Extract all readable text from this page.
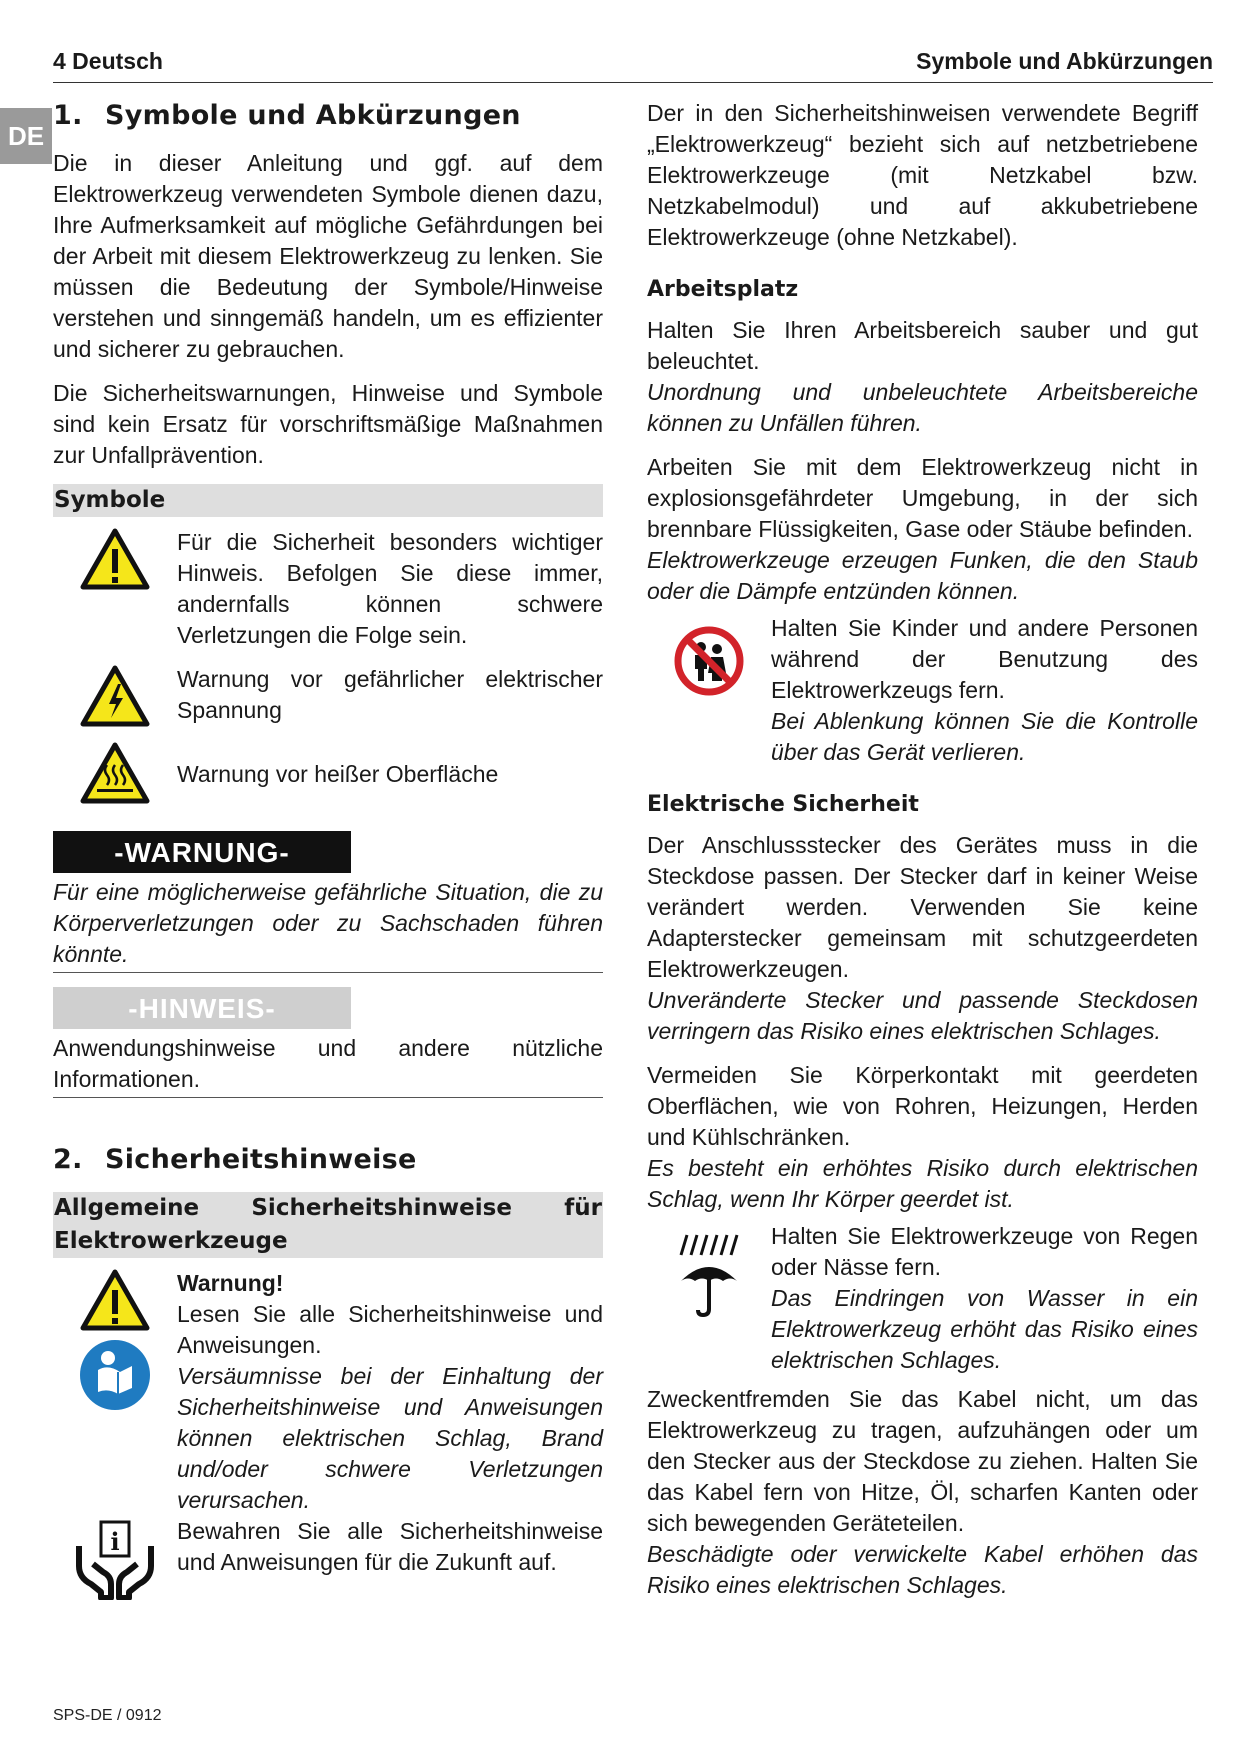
4 Deutsch	Symbole und Abkürzungen
DE
1. Symbole und Abkürzungen

Die in dieser Anleitung und ggf. auf dem Elektrowerkzeug verwendeten Symbole dienen dazu, Ihre Aufmerksamkeit auf mögliche Gefährdungen bei der Arbeit mit diesem Elektrowerkzeug zu lenken. Sie müssen die Bedeutung der Symbole/Hinweise verstehen und sinngemäß handeln, um es effizienter und sicherer zu gebrauchen.

Die Sicherheitswarnungen, Hinweise und Symbole sind kein Ersatz für vorschriftsmäßige Maßnahmen zur Unfallprävention.

Symbole

Für die Sicherheit besonders wichtiger Hinweis. Befolgen Sie diese immer, andernfalls können schwere Verletzungen die Folge sein.

Warnung vor gefährlicher elektrischer Spannung

Warnung vor heißer Oberfläche

-WARNUNG-

Für eine möglicherweise gefährliche Situation, die zu Körperverletzungen oder zu Sachschaden führen könnte.

-HINWEIS-

Anwendungshinweise und andere nützliche Informationen.

2. Sicherheitshinweise
Allgemeine Sicherheitshinweise für Elektrowerkzeuge

Warnung!

Lesen Sie alle Sicherheitshinweise und Anweisungen.

Versäumnisse bei der Einhaltung der Sicherheitshinweise und Anweisungen können elektrischen Schlag, Brand und/oder schwere Verletzungen verursachen.

i Bewahren Sie alle Sicherheitshinweise und Anweisungen für die Zukunft auf.

Der in den Sicherheitshinweisen verwendete Begriff „Elektrowerkzeug“ bezieht sich auf netzbetriebene Elektrowerkzeuge (mit Netzkabel bzw. Netzkabelmodul) und auf akkubetriebene Elektrowerkzeuge (ohne Netzkabel).

Arbeitsplatz

Halten Sie Ihren Arbeitsbereich sauber und gut beleuchtet.

Unordnung und unbeleuchtete Arbeitsbereiche können zu Unfällen führen.

Arbeiten Sie mit dem Elektrowerkzeug nicht in explosionsgefährdeter Umgebung, in der sich brennbare Flüssigkeiten, Gase oder Stäube befinden.

Elektrowerkzeuge erzeugen Funken, die den Staub oder die Dämpfe entzünden können.

Halten Sie Kinder und andere Personen während der Benutzung des Elektrowerkzeugs fern.

Bei Ablenkung können Sie die Kontrolle über das Gerät verlieren.

Elektrische Sicherheit

Der Anschlussstecker des Gerätes muss in die Steckdose passen. Der Stecker darf in keiner Weise verändert werden. Verwenden Sie keine Adapterstecker gemeinsam mit schutzgeerdeten Elektrowerkzeugen.

Unveränderte Stecker und passende Steckdosen verringern das Risiko eines elektrischen Schlages.

Vermeiden Sie Körperkontakt mit geerdeten Oberflächen, wie von Rohren, Heizungen, Herden und Kühlschränken.

Es besteht ein erhöhtes Risiko durch elektrischen Schlag, wenn Ihr Körper geerdet ist.

Halten Sie Elektrowerkzeuge von Regen oder Nässe fern.

Das Eindringen von Wasser in ein Elektrowerkzeug erhöht das Risiko eines elektrischen Schlages.

Zweckentfremden Sie das Kabel nicht, um das Elektrowerkzeug zu tragen, aufzuhängen oder um den Stecker aus der Steckdose zu ziehen. Halten Sie das Kabel fern von Hitze, Öl, scharfen Kanten oder sich bewegenden Geräteteilen.

Beschädigte oder verwickelte Kabel erhöhen das Risiko eines elektrischen Schlages.

SPS-DE / 0912
